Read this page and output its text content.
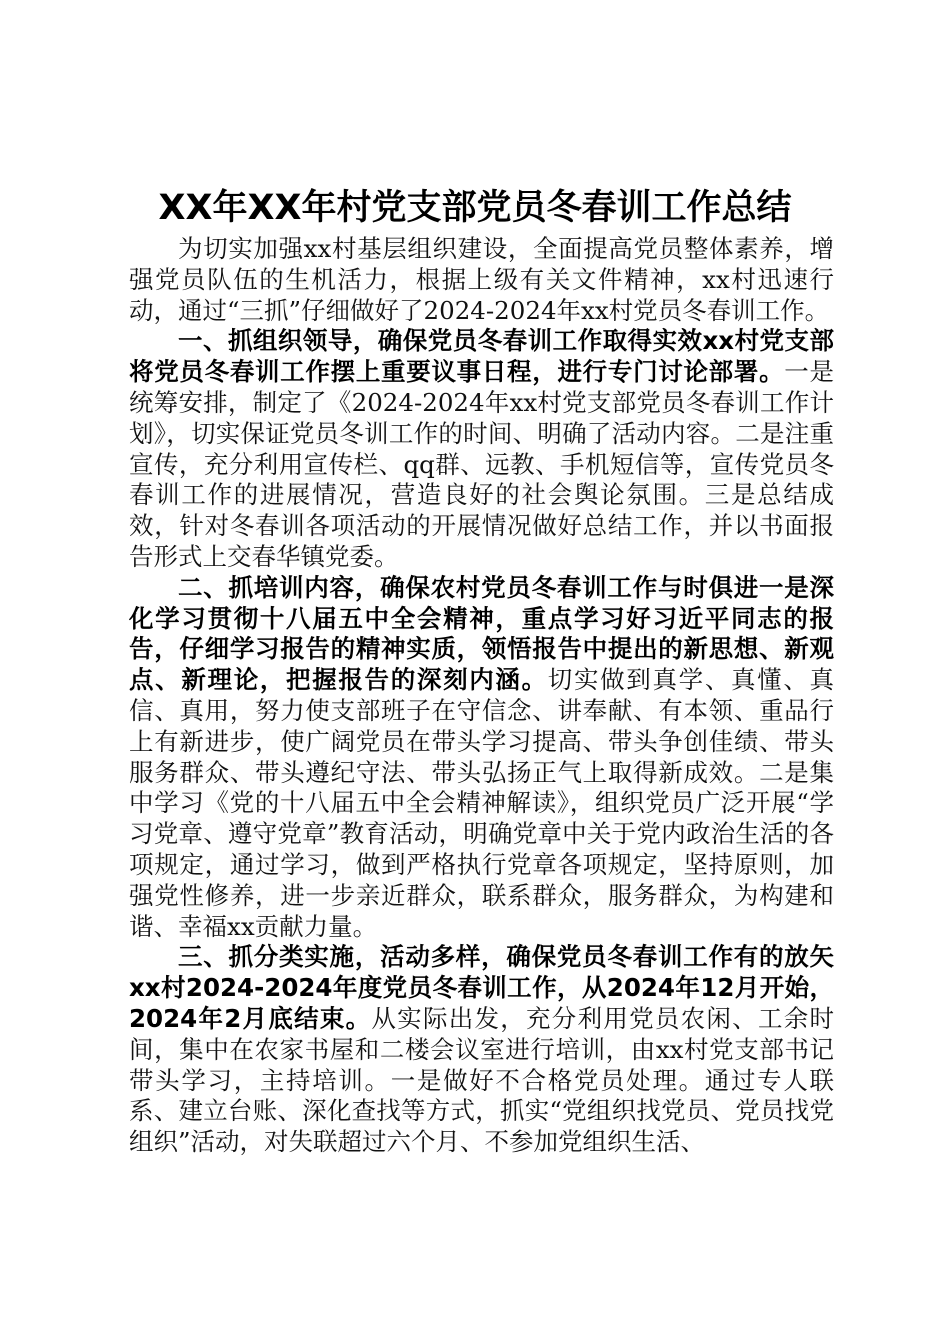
XX年XX年村党支部党员冬春训工作总结

为切实加强xx村基层组织建设，全面提高党员整体素养，增强党员队伍的生机活力，根据上级有关文件精神，xx村迅速行动，通过“三抓”仔细做好了2024-2024年xx村党员冬春训工作。

一、抓组织领导，确保党员冬春训工作取得实效xx村党支部将党员冬春训工作摆上重要议事日程，进行专门讨论部署。一是统筹安排，制定了《2024-2024年xx村党支部党员冬春训工作计划》，切实保证党员冬训工作的时间、明确了活动内容。二是注重宣传，充分利用宣传栏、qq群、远教、手机短信等，宣传党员冬春训工作的进展情况，营造良好的社会舆论氛围。三是总结成效，针对冬春训各项活动的开展情况做好总结工作，并以书面报告形式上交春华镇党委。

二、抓培训内容，确保农村党员冬春训工作与时俱进一是深化学习贯彻十八届五中全会精神，重点学习好习近平同志的报告，仔细学习报告的精神实质，领悟报告中提出的新思想、新观点、新理论，把握报告的深刻内涵。切实做到真学、真懂、真信、真用，努力使支部班子在守信念、讲奉献、有本领、重品行上有新进步，使广阔党员在带头学习提高、带头争创佳绩、带头服务群众、带头遵纪守法、带头弘扬正气上取得新成效。二是集中学习《党的十八届五中全会精神解读》，组织党员广泛开展“学习党章、遵守党章”教育活动，明确党章中关于党内政治生活的各项规定，通过学习，做到严格执行党章各项规定，坚持原则，加强党性修养，进一步亲近群众，联系群众，服务群众，为构建和谐、幸福xx贡献力量。

三、抓分类实施，活动多样，确保党员冬春训工作有的放矢xx村2024-2024年度党员冬春训工作，从2024年12月开始，2024年2月底结束。从实际出发，充分利用党员农闲、工余时间，集中在农家书屋和二楼会议室进行培训，由xx村党支部书记带头学习，主持培训。一是做好不合格党员处理。通过专人联系、建立台账、深化查找等方式，抓实“党组织找党员、党员找党组织”活动，对失联超过六个月、不参加党组织生活、
